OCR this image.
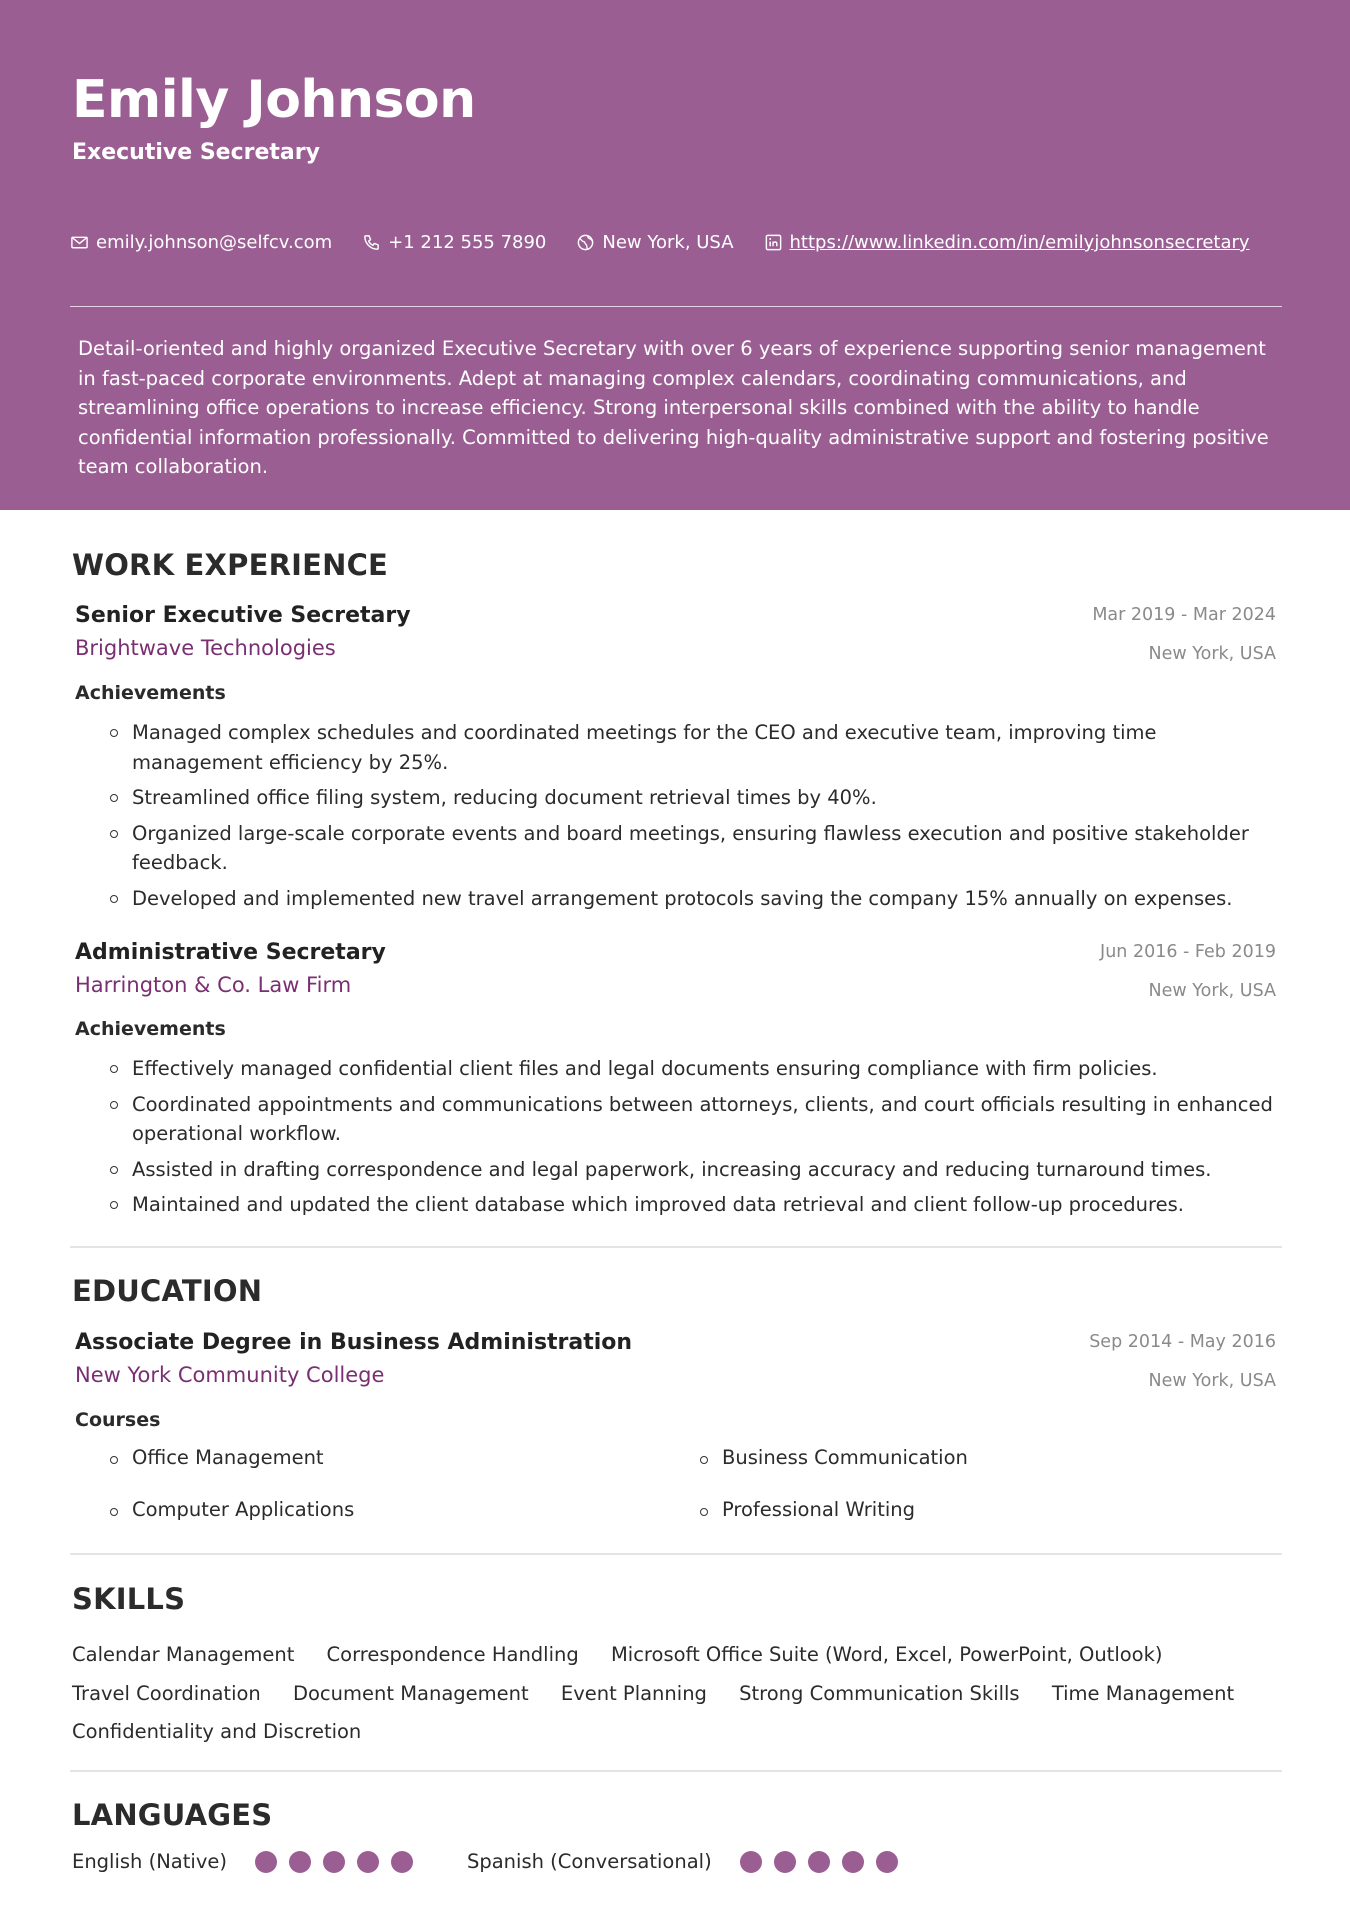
Emily Johnson
Executive Secretary
emily.johnson@selfcv.com	+1 212 555 7890	New York, USA	https://www.linkedin.com/in/emilyjohnsonsecretary
Detail-oriented and highly organized Executive Secretary with over 6 years of experience supporting senior management in fast-paced corporate environments. Adept at managing complex calendars, coordinating communications, and streamlining office operations to increase efficiency. Strong interpersonal skills combined with the ability to handle confidential information professionally. Committed to delivering high-quality administrative support and fostering positive team collaboration.
WORK EXPERIENCE
Senior Executive Secretary
Brightwave Technologies
Mar 2019 - Mar 2024
New York, USA
Achievements
Managed complex schedules and coordinated meetings for the CEO and executive team, improving time management efficiency by 25%.
Streamlined office filing system, reducing document retrieval times by 40%.
Organized large-scale corporate events and board meetings, ensuring flawless execution and positive stakeholder feedback.
Developed and implemented new travel arrangement protocols saving the company 15% annually on expenses.
Administrative Secretary
Harrington & Co. Law Firm
Jun 2016 - Feb 2019
New York, USA
Achievements
Effectively managed confidential client files and legal documents ensuring compliance with firm policies.
Coordinated appointments and communications between attorneys, clients, and court officials resulting in enhanced operational workflow.
Assisted in drafting correspondence and legal paperwork, increasing accuracy and reducing turnaround times.
Maintained and updated the client database which improved data retrieval and client follow-up procedures.
EDUCATION
Associate Degree in Business Administration
New York Community College
Sep 2014 - May 2016
New York, USA
Courses
Office Management	Business Communication
Computer Applications	Professional Writing
SKILLS
Calendar Management Correspondence Handling Microsoft Office Suite (Word, Excel, PowerPoint, Outlook)
Travel Coordination Document Management Event Planning Strong Communication Skills Time Management
Confidentiality and Discretion
LANGUAGES
English (Native)	Spanish (Conversational)
